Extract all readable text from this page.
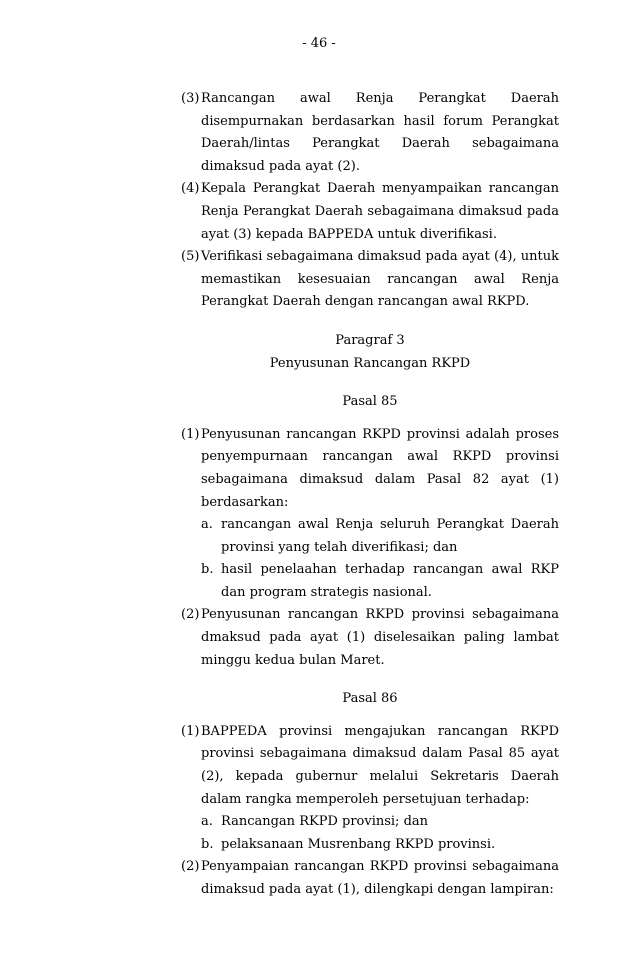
- 46 -
(3) Rancangan awal Renja Perangkat Daerah disempurnakan berdasarkan hasil forum Perangkat Daerah/lintas Perangkat Daerah sebagaimana dimaksud pada ayat (2).
(4) Kepala Perangkat Daerah menyampaikan rancangan Renja Perangkat Daerah sebagaimana dimaksud pada ayat (3) kepada BAPPEDA untuk diverifikasi.
(5) Verifikasi sebagaimana dimaksud pada ayat (4), untuk memastikan kesesuaian rancangan awal Renja Perangkat Daerah dengan rancangan awal RKPD.
Paragraf 3
Penyusunan Rancangan RKPD
Pasal 85
(1) Penyusunan rancangan RKPD provinsi adalah proses penyempurnaan rancangan awal RKPD provinsi sebagaimana dimaksud dalam Pasal 82 ayat (1) berdasarkan:
a. rancangan awal Renja seluruh Perangkat Daerah provinsi yang telah diverifikasi; dan
b. hasil penelaahan terhadap rancangan awal RKP dan program strategis nasional.
(2) Penyusunan rancangan RKPD provinsi sebagaimana dmaksud pada ayat (1) diselesaikan paling lambat minggu kedua bulan Maret.
Pasal 86
(1) BAPPEDA provinsi mengajukan rancangan RKPD provinsi sebagaimana dimaksud dalam Pasal 85 ayat (2), kepada gubernur melalui Sekretaris Daerah dalam rangka memperoleh persetujuan terhadap:
a. Rancangan RKPD provinsi; dan
b. pelaksanaan Musrenbang RKPD provinsi.
(2) Penyampaian rancangan RKPD provinsi sebagaimana dimaksud pada ayat (1), dilengkapi dengan lampiran:
